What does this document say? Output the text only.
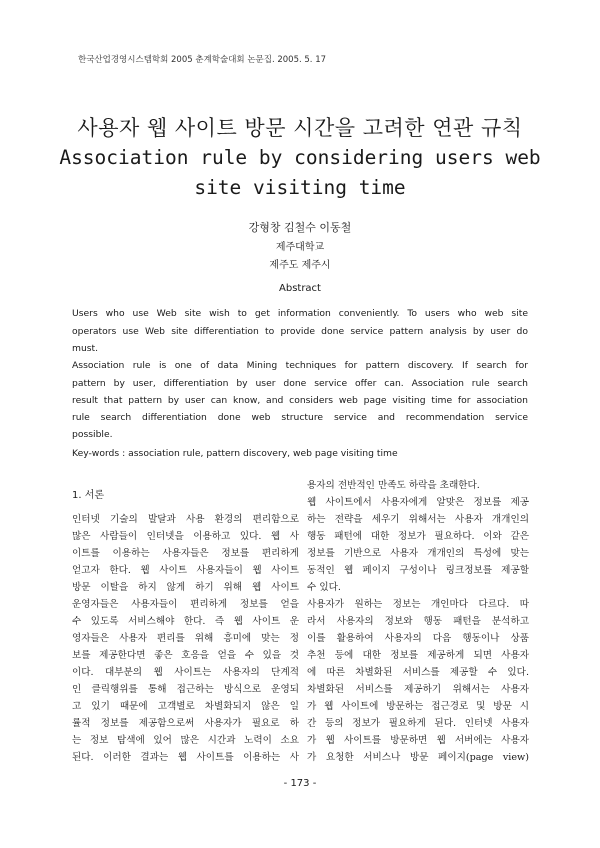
한국산업경영시스템학회 2005 춘계학술대회 논문집. 2005. 5. 17
사용자 웹 사이트 방문 시간을 고려한 연관 규칙
Association rule by considering users web
site visiting time
강형창 김철수 이동철
제주대학교
제주도 제주시
Abstract
Users who use Web site wish to get information conveniently. To users who web site
operators use Web site differentiation to provide done service pattern analysis by user do
must.
Association rule is one of data Mining techniques for pattern discovery. If search for
pattern by user, differentiation by user done service offer can. Association rule search
result that pattern by user can know, and considers web page visiting time for association
rule search differentiation done web structure service and recommendation service
possible.
Key-words : association rule, pattern discovery, web page visiting time
1. 서론
인터넷 기술의 발달과 사용 환경의 편리함으로
많은 사람들이 인터넷을 이용하고 있다. 웹 사
이트를 이용하는 사용자들은 정보를 편리하게
얻고자 한다. 웹 사이트 사용자들이 웹 사이트
방문 이탈을 하지 않게 하기 위해 웹 사이트
운영자들은 사용자들이 편리하게 정보를 얻을
수 있도록 서비스해야 한다. 즉 웹 사이트 운
영자들은 사용자 편리를 위해 흥미에 맞는 정
보를 제공한다면 좋은 호응을 얻을 수 있을 것
이다. 대부분의 웹 사이트는 사용자의 단계적
인 클릭행위를 통해 접근하는 방식으로 운영되
고 있기 때문에 고객별로 차별화되지 않은 일
률적 정보를 제공함으로써 사용자가 필요로 하
는 정보 탐색에 있어 많은 시간과 노력이 소요
된다. 이러한 결과는 웹 사이트를 이용하는 사
용자의 전반적인 만족도 하락을 초래한다.
웹 사이트에서 사용자에게 알맞은 정보를 제공
하는 전략을 세우기 위해서는 사용자 개개인의
행동 패턴에 대한 정보가 필요하다. 이와 같은
정보를 기반으로 사용자 개개인의 특성에 맞는
동적인 웹 페이지 구성이나 링크정보를 제공할
수 있다.
사용자가 원하는 정보는 개인마다 다르다. 따
라서 사용자의 정보와 행동 패턴을 분석하고
이를 활용하여 사용자의 다음 행동이나 상품
추천 등에 대한 정보를 제공하게 되면 사용자
에 따른 차별화된 서비스를 제공할 수 있다.
차별화된 서비스를 제공하기 위해서는 사용자
가 웹 사이트에 방문하는 접근경로 및 방문 시
간 등의 정보가 필요하게 된다. 인터넷 사용자
가 웹 사이트를 방문하면 웹 서버에는 사용자
가 요청한 서비스나 방문 페이지(page view)
- 173 -
